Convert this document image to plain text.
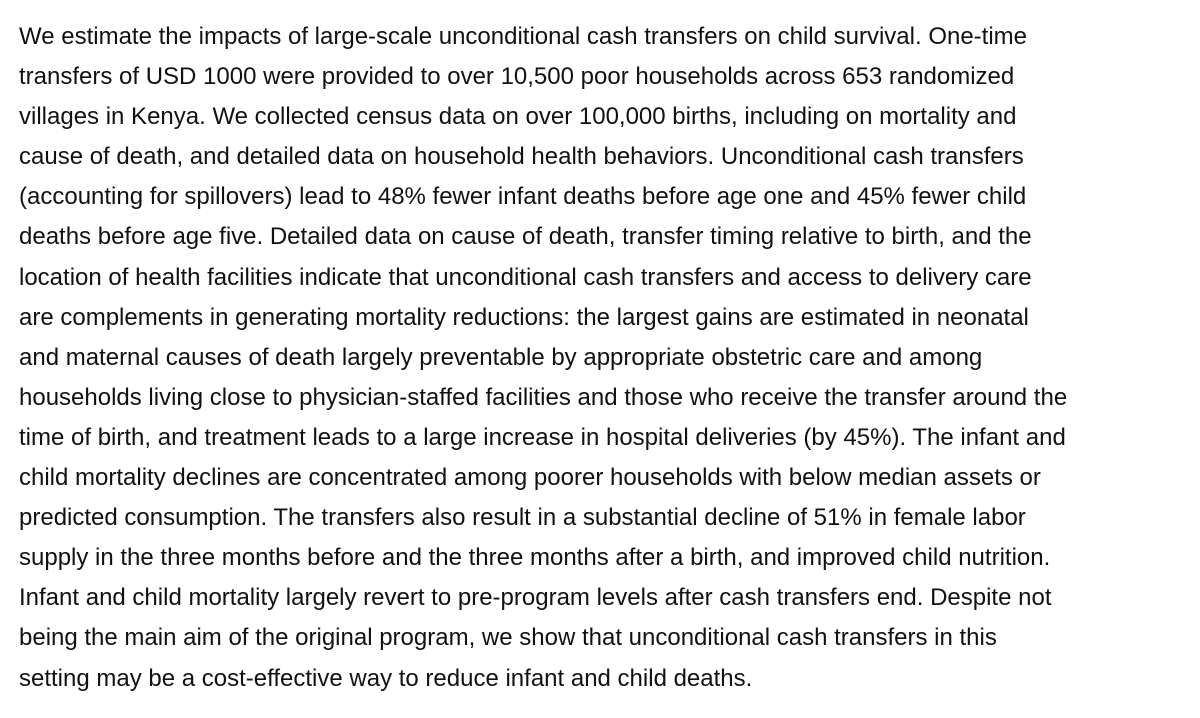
We estimate the impacts of large-scale unconditional cash transfers on child survival. One-time
transfers of USD 1000 were provided to over 10,500 poor households across 653 randomized
villages in Kenya. We collected census data on over 100,000 births, including on mortality and
cause of death, and detailed data on household health behaviors. Unconditional cash transfers
(accounting for spillovers) lead to 48% fewer infant deaths before age one and 45% fewer child
deaths before age five. Detailed data on cause of death, transfer timing relative to birth, and the
location of health facilities indicate that unconditional cash transfers and access to delivery care
are complements in generating mortality reductions: the largest gains are estimated in neonatal
and maternal causes of death largely preventable by appropriate obstetric care and among
households living close to physician-staffed facilities and those who receive the transfer around the
time of birth, and treatment leads to a large increase in hospital deliveries (by 45%). The infant and
child mortality declines are concentrated among poorer households with below median assets or
predicted consumption. The transfers also result in a substantial decline of 51% in female labor
supply in the three months before and the three months after a birth, and improved child nutrition.
Infant and child mortality largely revert to pre-program levels after cash transfers end. Despite not
being the main aim of the original program, we show that unconditional cash transfers in this
setting may be a cost-effective way to reduce infant and child deaths.
